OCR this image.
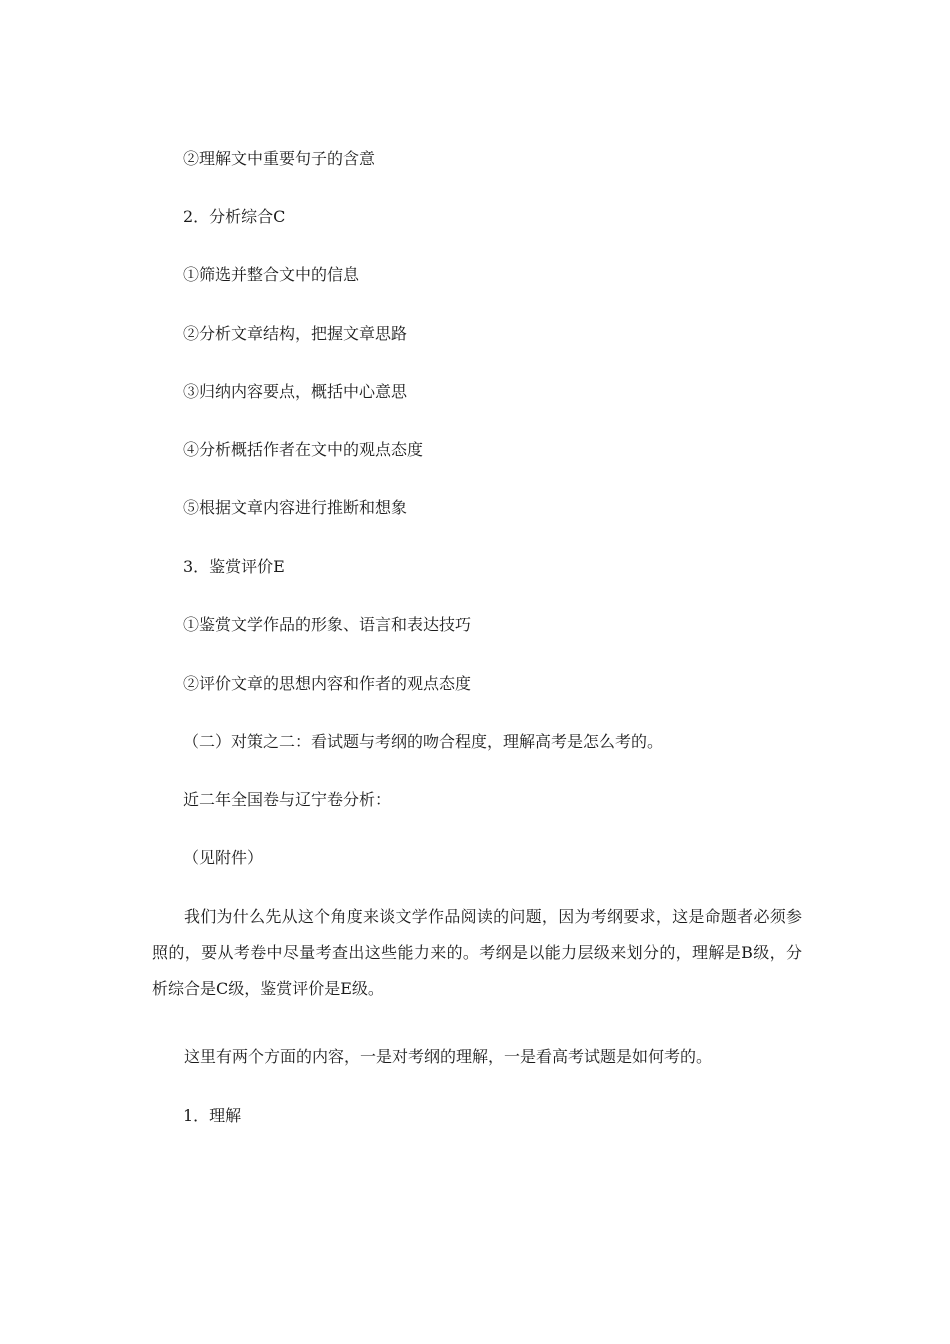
②理解文中重要句子的含意
2．分析综合C
①筛选并整合文中的信息
②分析文章结构，把握文章思路
③归纳内容要点，概括中心意思
④分析概括作者在文中的观点态度
⑤根据文章内容进行推断和想象
3．鉴赏评价E
①鉴赏文学作品的形象、语言和表达技巧
②评价文章的思想内容和作者的观点态度
（二）对策之二：看试题与考纲的吻合程度，理解高考是怎么考的。
近二年全国卷与辽宁卷分析：
（见附件）
我们为什么先从这个角度来谈文学作品阅读的问题，因为考纲要求，这是命题者必须参照的，要从考卷中尽量考查出这些能力来的。考纲是以能力层级来划分的，理解是B级，分析综合是C级，鉴赏评价是E级。
这里有两个方面的内容，一是对考纲的理解，一是看高考试题是如何考的。
1．理解
